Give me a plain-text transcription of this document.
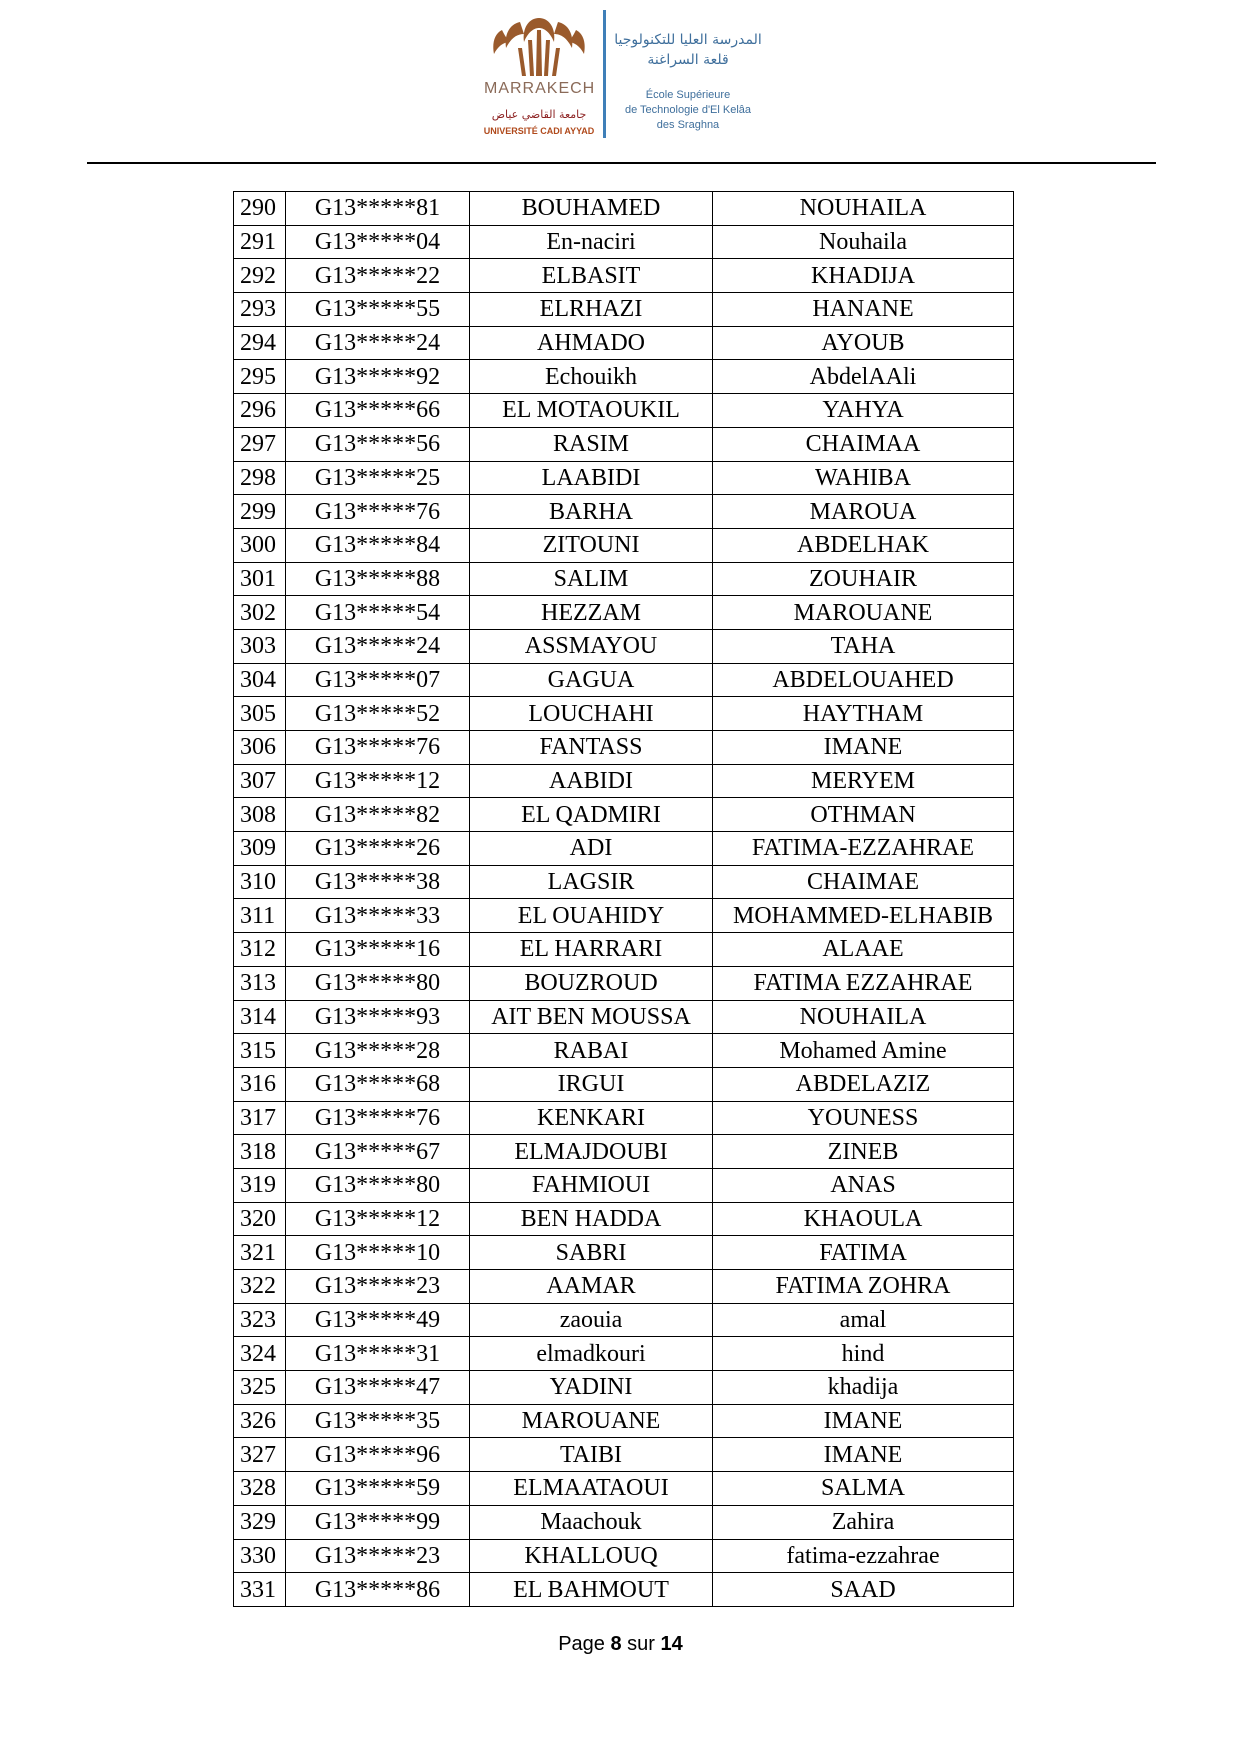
MARRAKECH
جامعة القاضي عياض
UNIVERSITÉ CADI AYYAD
المدرسة العليا للتكنولوجيا
قلعة السراغنة
École Supérieure
de Technologie d'El Kelâa
des Sraghna
290	G13*****81	BOUHAMED	NOUHAILA
291	G13*****04	En-naciri	Nouhaila
292	G13*****22	ELBASIT	KHADIJA
293	G13*****55	ELRHAZI	HANANE
294	G13*****24	AHMADO	AYOUB
295	G13*****92	Echouikh	AbdelAAli
296	G13*****66	EL MOTAOUKIL	YAHYA
297	G13*****56	RASIM	CHAIMAA
298	G13*****25	LAABIDI	WAHIBA
299	G13*****76	BARHA	MAROUA
300	G13*****84	ZITOUNI	ABDELHAK
301	G13*****88	SALIM	ZOUHAIR
302	G13*****54	HEZZAM	MAROUANE
303	G13*****24	ASSMAYOU	TAHA
304	G13*****07	GAGUA	ABDELOUAHED
305	G13*****52	LOUCHAHI	HAYTHAM
306	G13*****76	FANTASS	IMANE
307	G13*****12	AABIDI	MERYEM
308	G13*****82	EL QADMIRI	OTHMAN
309	G13*****26	ADI	FATIMA-EZZAHRAE
310	G13*****38	LAGSIR	CHAIMAE
311	G13*****33	EL OUAHIDY	MOHAMMED-ELHABIB
312	G13*****16	EL HARRARI	ALAAE
313	G13*****80	BOUZROUD	FATIMA EZZAHRAE
314	G13*****93	AIT BEN MOUSSA	NOUHAILA
315	G13*****28	RABAI	Mohamed Amine
316	G13*****68	IRGUI	ABDELAZIZ
317	G13*****76	KENKARI	YOUNESS
318	G13*****67	ELMAJDOUBI	ZINEB
319	G13*****80	FAHMIOUI	ANAS
320	G13*****12	BEN HADDA	KHAOULA
321	G13*****10	SABRI	FATIMA
322	G13*****23	AAMAR	FATIMA ZOHRA
323	G13*****49	zaouia	amal
324	G13*****31	elmadkouri	hind
325	G13*****47	YADINI	khadija
326	G13*****35	MAROUANE	IMANE
327	G13*****96	TAIBI	IMANE
328	G13*****59	ELMAATAOUI	SALMA
329	G13*****99	Maachouk	Zahira
330	G13*****23	KHALLOUQ	fatima-ezzahrae
331	G13*****86	EL BAHMOUT	SAAD
Page 8 sur 14
